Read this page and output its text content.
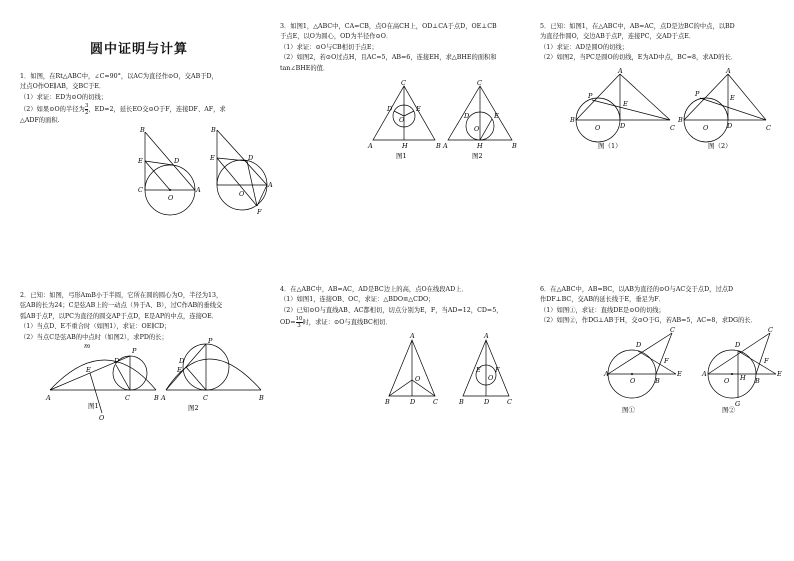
圆中证明与计算
1．如图，在Rt△ABC中，∠C=90°，以AC为直径作⊙O，交AB于D，
过点O作OE∥AB，交BC于E．
（1）求证：ED为⊙O的切线；
（2）如果⊙O的半径为 $\frac{3}{2}$ ，ED=2，延长EO交⊙O于F，连接DF、AF，求
△ADF的面积.
B
C	A
E	D
O
B
E	D
A
O
F
3．如图1，△ABC中，CA=CB，点O在高CH上，OD⊥CA于点D，OE⊥CB
于点E，以O为圆心，OD为半径作⊙O．
（1）求证：⊙O与CB相切于点E；
（2）如图2，若⊙O过点H，且AC=5，AB=6，连接EH，求△BHE的面积和
tan∠BHE的值．
A
C
B
D	E
O
H
图1
A
C
B
D	E
O
H
图2
5．已知：如图1，在△ABC中，AB=AC，点D是边BC的中点，以BD
为直径作圆O，交边AB于点P，连接PC，交AD于点E．
（1）求证：AD是圆O的切线；
（2）如图2，当PC是圆O的切线，E为AD中点，BC=8，求AD的长．
B
A
C
P
E
O	D
图（1）
B
A
C
P	E
O	D
图（2）
2．已知：如图，弓形AmB小于半圆，它所在圆的圆心为O，半径为13，
弦AB的长为24；C是弦AB上的一动点（异于A、B），过C作AB的垂线交
弧AB于点P，以PC为直径的圆交AP于点D，E是AP的中点，连接OE．
（1）当点D、E不重合时（如图1），求证：OE∥CD；
（2）当点C是弦AB的中点时（如图2），求PD的长；
A	B
E
D
P
C
O
m
图1
A	B
P
E
D
C
图2
4．在△ABC中，AB=AC，AD是BC边上的高，点O在线段AD上．
（1）如图1，连接OB、OC，求证：△BDO≌△CDO；
（2）已知⊙O与直线AB、AC都相切，切点分别为E，F，当AD=12，CD=5，
$OD= \frac{10}{3}$ 时，求证：⊙O与直线BC相切．
A
B	C
O
D
A
B	C
E F
O
D
6．在△ABC中，AB=BC，以AB为直径的⊙O与AC交于点D，过点D
作DF⊥BC，交AB的延长线于E，垂足为F．
（1）如图①，求证：直线DE是⊙O的切线；
（2）如图②，作DG⊥AB于H，交⊙O于G，若AB=5，AC=8，求DG的长．
A
C
D
O	B
F
E
图①
A
C
D
O H B
F
E
G
图②
